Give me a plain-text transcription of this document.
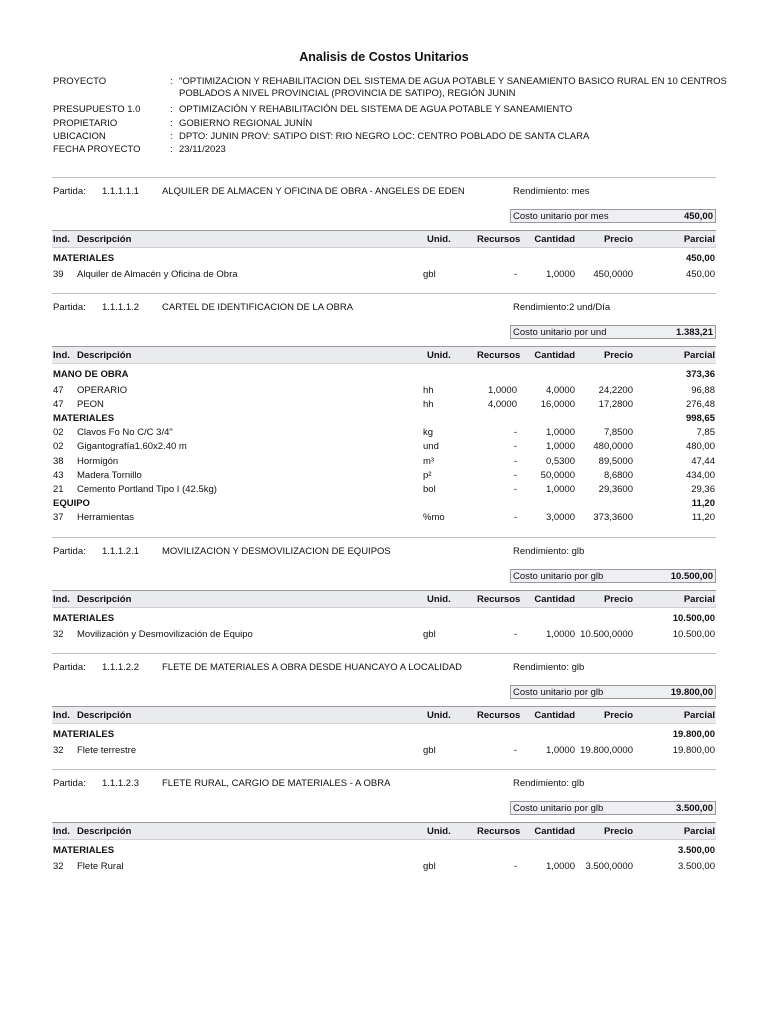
Analisis de Costos Unitarios
PROYECTO	: "OPTIMIZACION Y REHABILITACION DEL SISTEMA DE AGUA POTABLE Y SANEAMIENTO BASICO RURAL EN 10 CENTROS
POBLADOS A NIVEL PROVINCIAL (PROVINCIA DE SATIPO), REGIÓN JUNIN
PRESUPUESTO 1.0	: OPTIMIZACIÓN Y REHABILITACIÓN DEL SISTEMA DE AGUA POTABLE Y SANEAMIENTO
PROPIETARIO	: GOBIERNO REGIONAL JUNÍN
UBICACION	: DPTO: JUNIN PROV: SATIPO DIST: RIO NEGRO LOC: CENTRO POBLADO DE SANTA CLARA
FECHA PROYECTO	: 23/11/2023
Partida: 1.1.1.1.1 ALQUILER DE ALMACEN Y OFICINA DE OBRA - ANGELES DE EDEN	Rendimiento: mes
Costo unitario por mes	450,00
Ind. Descripción	Unid.	Recursos Cantidad	Precio	Parcial
MATERIALES	450,00
39 Alquiler de Almacén y Oficina de Obra	gbl	-	1,0000 450,0000	450,00
Partida: 1.1.1.1.2 CARTEL DE IDENTIFICACION DE LA OBRA	Rendimiento:2 und/Día
Costo unitario por und	1.383,21
Ind. Descripción	Unid.	Recursos Cantidad	Precio	Parcial
MANO DE OBRA	373,36
47 OPERARIO	hh	1,0000	4,0000 24,2200	96,88
47 PEON	hh	4,0000 16,0000 17,2800	276,48
MATERIALES	998,65
02 Clavos Fo No C/C 3/4"	kg	-	1,0000	7,8500	7,85
02 Gigantografía1.60x2.40 m	und	-	1,0000 480,0000	480,00
38 Hormigón	m³	-	0,5300 89,5000	47,44
43 Madera Tornillo	p²	- 50,0000	8,6800	434,00
21 Cemento Portland Tipo I (42.5kg)	bol	-	1,0000 29,3600	29,36
EQUIPO	11,20
37 Herramientas	%mo	-	3,0000 373,3600	11,20
Partida: 1.1.1.2.1 MOVILIZACION Y DESMOVILIZACION DE EQUIPOS	Rendimiento: glb
Costo unitario por glb	10.500,00
Ind. Descripción	Unid.	Recursos Cantidad	Precio	Parcial
MATERIALES	10.500,00
32 Movilización y Desmovilización de Equipo	gbl	-	1,0000 10.500,0000	10.500,00
Partida: 1.1.1.2.2 FLETE DE MATERIALES A OBRA DESDE HUANCAYO A LOCALIDAD	Rendimiento: glb
Costo unitario por glb	19.800,00
Ind. Descripción	Unid.	Recursos Cantidad	Precio	Parcial
MATERIALES	19.800,00
32 Flete terrestre	gbl	-	1,0000 19.800,0000	19.800,00
Partida: 1.1.1.2.3 FLETE RURAL, CARGIO DE MATERIALES - A OBRA	Rendimiento: glb
Costo unitario por glb	3.500,00
Ind. Descripción	Unid.	Recursos Cantidad	Precio	Parcial
MATERIALES	3.500,00
32 Flete Rural	gbl	-	1,0000 3.500,0000	3.500,00
